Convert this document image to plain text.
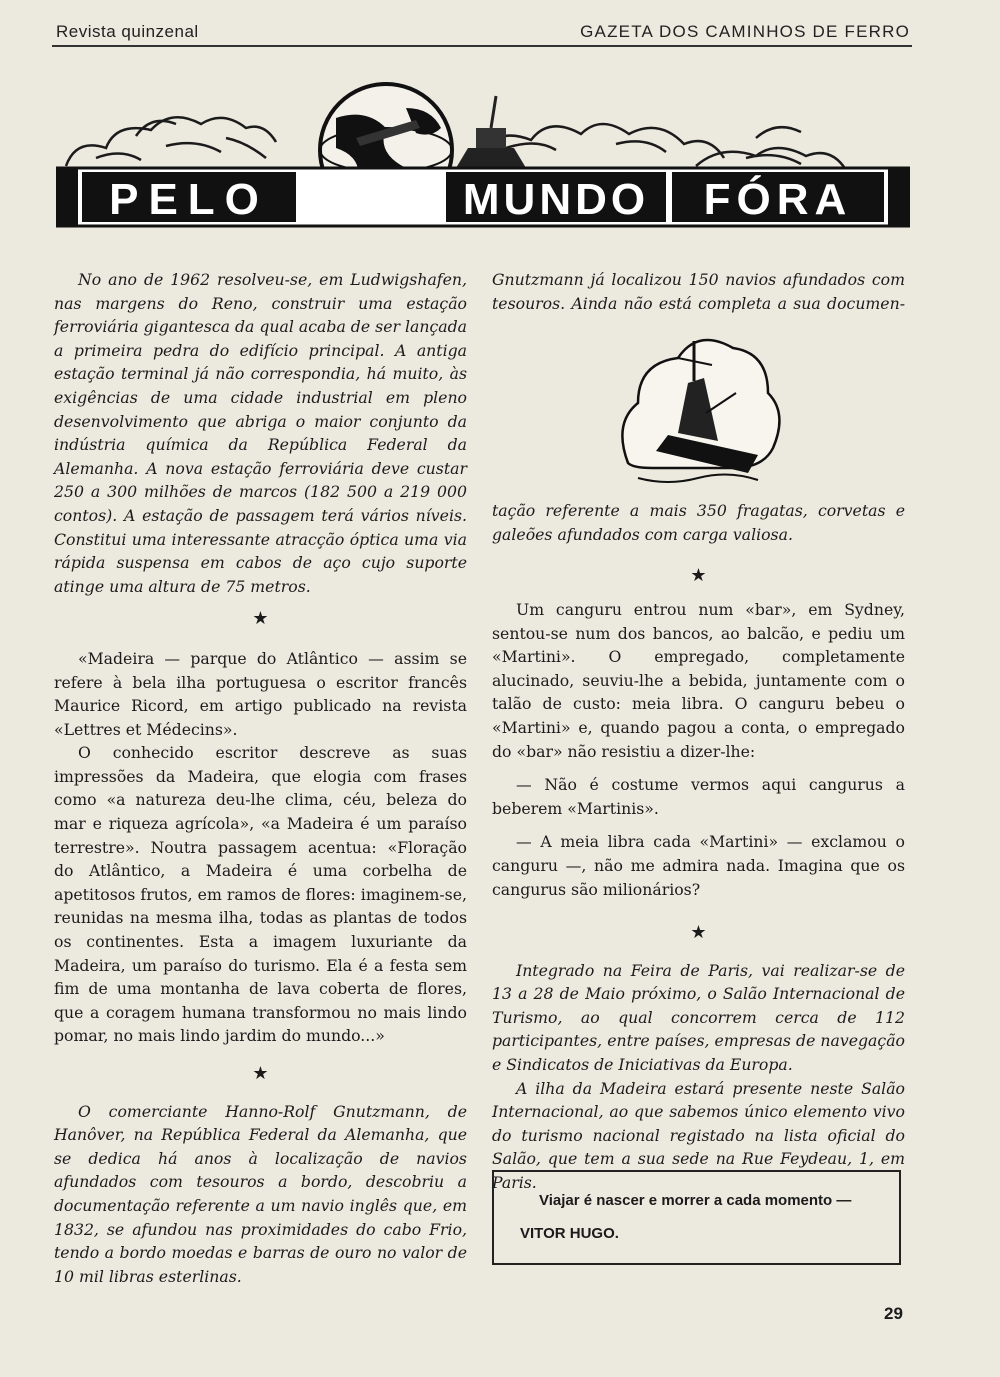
Revista quinzenal	GAZETA DOS CAMINHOS DE FERRO
PELO	MUNDO FÓRA

No ano de 1962 resolveu-se, em Ludwigshafen, nas margens do Reno, construir uma estação ferroviária gigantesca da qual acaba de ser lançada a primeira pedra do edifício principal. A antiga estação terminal já não correspondia, há muito, às exigências de uma cidade industrial em pleno desenvolvimento que abriga o maior conjunto da indústria química da República Federal da Alemanha. A nova estação ferroviária deve custar 250 a 300 milhões de marcos (182 500 a 219 000 contos). A estação de passagem terá vários níveis. Constitui uma interessante atracção óptica uma via rápida suspensa em cabos de aço cujo suporte atinge uma altura de 75 metros.

★

«Madeira — parque do Atlântico — assim se refere à bela ilha portuguesa o escritor francês Maurice Ricord, em artigo publicado na revista «Lettres et Médecins».

O conhecido escritor descreve as suas impressões da Madeira, que elogia com frases como «a natureza deu-lhe clima, céu, beleza do mar e riqueza agrícola», «a Madeira é um paraíso terrestre». Noutra passagem acentua: «Floração do Atlântico, a Madeira é uma corbelha de apetitosos frutos, em ramos de flores: imaginem-se, reunidas na mesma ilha, todas as plantas de todos os continentes. Esta a imagem luxuriante da Madeira, um paraíso do turismo. Ela é a festa sem fim de uma montanha de lava coberta de flores, que a coragem humana transformou no mais lindo pomar, no mais lindo jardim do mundo...»

★

O comerciante Hanno-Rolf Gnutzmann, de Hanôver, na República Federal da Alemanha, que se dedica há anos à localização de navios afundados com tesouros a bordo, descobriu a documentação referente a um navio inglês que, em 1832, se afundou nas proximidades do cabo Frio, tendo a bordo moedas e barras de ouro no valor de 10 mil libras esterlinas.

Gnutzmann já localizou 150 navios afundados com tesouros. Ainda não está completa a sua documen-

tação referente a mais 350 fragatas, corvetas e galeões afundados com carga valiosa.

★

Um canguru entrou num «bar», em Sydney, sentou-se num dos bancos, ao balcão, e pediu um «Martini». O empregado, completamente alucinado, seuviu-lhe a bebida, juntamente com o talão de custo: meia libra. O canguru bebeu o «Martini» e, quando pagou a conta, o empregado do «bar» não resistiu a dizer-lhe:

— Não é costume vermos aqui cangurus a beberem «Martinis».

— A meia libra cada «Martini» — exclamou o canguru —, não me admira nada. Imagina que os cangurus são milionários?

★

Integrado na Feira de Paris, vai realizar-se de 13 a 28 de Maio próximo, o Salão Internacional de Turismo, ao qual concorrem cerca de 112 participantes, entre países, empresas de navegação e Sindicatos de Iniciativas da Europa.

A ilha da Madeira estará presente neste Salão Internacional, ao que sabemos único elemento vivo do turismo nacional registado na lista oficial do Salão, que tem a sua sede na Rue Feydeau, 1, em Paris.

Viajar é nascer e morrer a cada momento —
VITOR HUGO.
29
